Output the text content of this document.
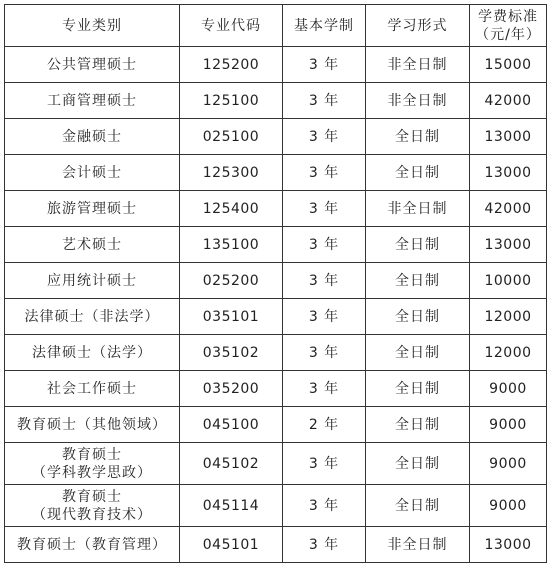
专业类别	专业代码	基本学制	学习形式	学费标准
（元/年）

公共管理硕士	125200	3 年	非全日制	15000
工商管理硕士	125100	3 年	非全日制	42000
金融硕士	025100	3 年	全日制	13000
会计硕士	125300	3 年	全日制	13000
旅游管理硕士	125400	3 年	非全日制	42000
艺术硕士	135100	3 年	全日制	13000
应用统计硕士	025200	3 年	全日制	10000
法律硕士（非法学）	035101	3 年	全日制	12000
法律硕士（法学）	035102	3 年	全日制	12000
社会工作硕士	035200	3 年	全日制	9000
教育硕士（其他领域）	045100	2 年	全日制	9000

教育硕士
（学科教学思政）	045102	3 年	全日制	9000

教育硕士
（现代教育技术）	045114	3 年	全日制	9000
教育硕士（教育管理）	045101	3 年	非全日制	13000
